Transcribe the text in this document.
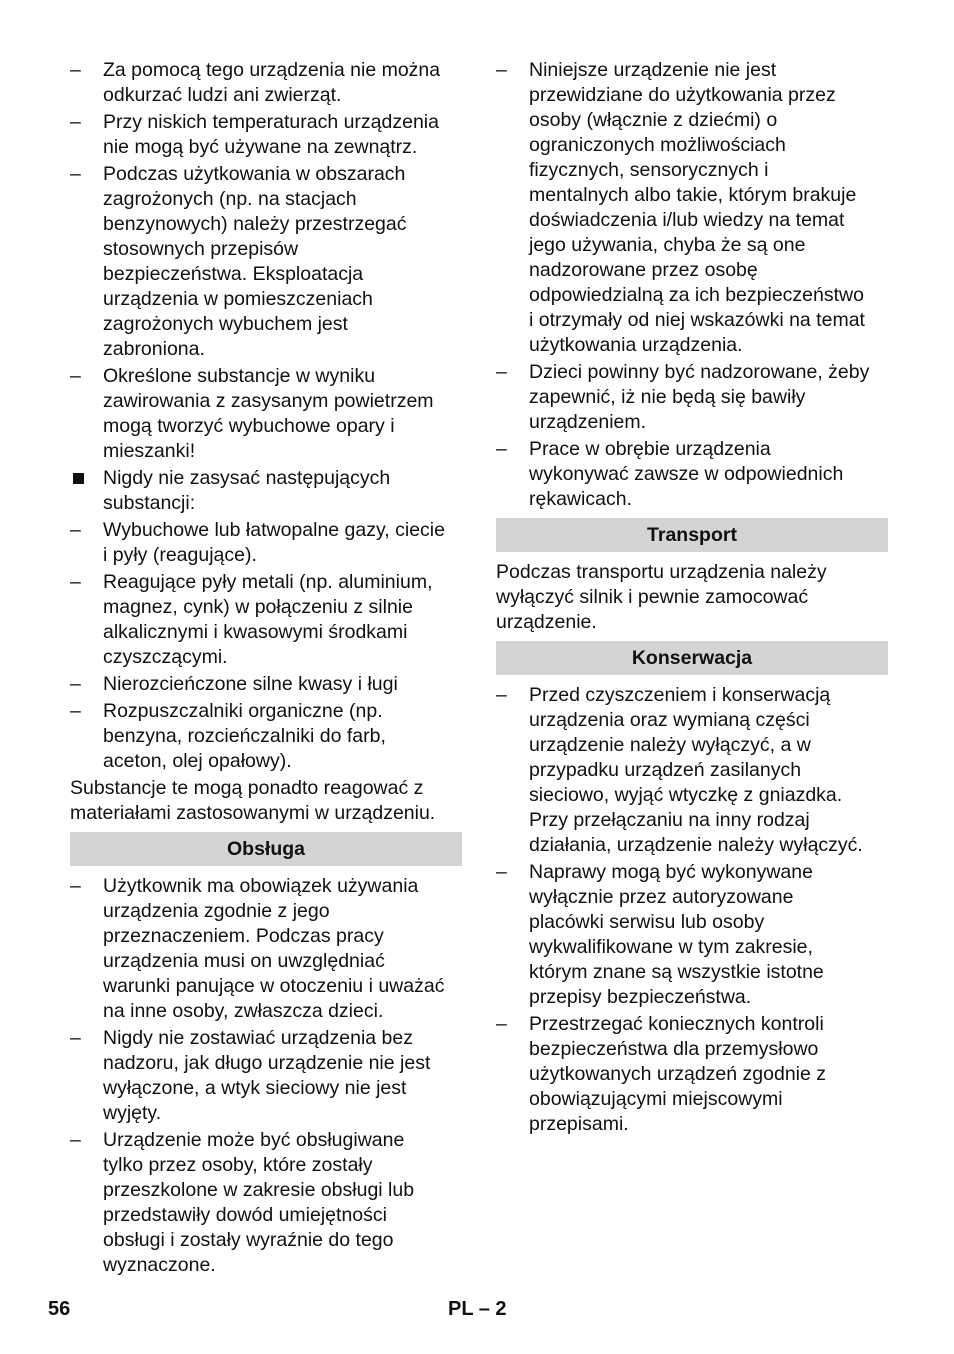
–	Za pomocą tego urządzenia nie można
odkurzać ludzi ani zwierząt.
–	Przy niskich temperaturach urządzenia
nie mogą być używane na zewnątrz.
–	Podczas użytkowania w obszarach
zagrożonych (np. na stacjach
benzynowych) należy przestrzegać
stosownych przepisów
bezpieczeństwa. Eksploatacja
urządzenia w pomieszczeniach
zagrożonych wybuchem jest
zabroniona.
–	Określone substancje w wyniku
zawirowania z zasysanym powietrzem
mogą tworzyć wybuchowe opary i
mieszanki!
Nigdy nie zasysać następujących
substancji:
–	Wybuchowe lub łatwopalne gazy, ciecie
i pyły (reagujące).
–	Reagujące pyły metali (np. aluminium,
magnez, cynk) w połączeniu z silnie
alkalicznymi i kwasowymi środkami
czyszczącymi.
–	Nierozcieńczone silne kwasy i ługi
–	Rozpuszczalniki organiczne (np.
benzyna, rozcieńczalniki do farb,
aceton, olej opałowy).
Substancje te mogą ponadto reagować z
materiałami zastosowanymi w urządzeniu.
Obsługa
–	Użytkownik ma obowiązek używania
urządzenia zgodnie z jego
przeznaczeniem. Podczas pracy
urządzenia musi on uwzględniać
warunki panujące w otoczeniu i uważać
na inne osoby, zwłaszcza dzieci.
–	Nigdy nie zostawiać urządzenia bez
nadzoru, jak długo urządzenie nie jest
wyłączone, a wtyk sieciowy nie jest
wyjęty.
–	Urządzenie może być obsługiwane
tylko przez osoby, które zostały
przeszkolone w zakresie obsługi lub
przedstawiły dowód umiejętności
obsługi i zostały wyraźnie do tego
wyznaczone.
–	Niniejsze urządzenie nie jest
przewidziane do użytkowania przez
osoby (włącznie z dziećmi) o
ograniczonych możliwościach
fizycznych, sensorycznych i
mentalnych albo takie, którym brakuje
doświadczenia i/lub wiedzy na temat
jego używania, chyba że są one
nadzorowane przez osobę
odpowiedzialną za ich bezpieczeństwo
i otrzymały od niej wskazówki na temat
użytkowania urządzenia.
–	Dzieci powinny być nadzorowane, żeby
zapewnić, iż nie będą się bawiły
urządzeniem.
–	Prace w obrębie urządzenia
wykonywać zawsze w odpowiednich
rękawicach.
Transport
Podczas transportu urządzenia należy
wyłączyć silnik i pewnie zamocować
urządzenie.
Konserwacja
–	Przed czyszczeniem i konserwacją
urządzenia oraz wymianą części
urządzenie należy wyłączyć, a w
przypadku urządzeń zasilanych
sieciowo, wyjąć wtyczkę z gniazdka.
Przy przełączaniu na inny rodzaj
działania, urządzenie należy wyłączyć.
–	Naprawy mogą być wykonywane
wyłącznie przez autoryzowane
placówki serwisu lub osoby
wykwalifikowane w tym zakresie,
którym znane są wszystkie istotne
przepisy bezpieczeństwa.
–	Przestrzegać koniecznych kontroli
bezpieczeństwa dla przemysłowo
użytkowanych urządzeń zgodnie z
obowiązującymi miejscowymi
przepisami.
56	PL – 2
